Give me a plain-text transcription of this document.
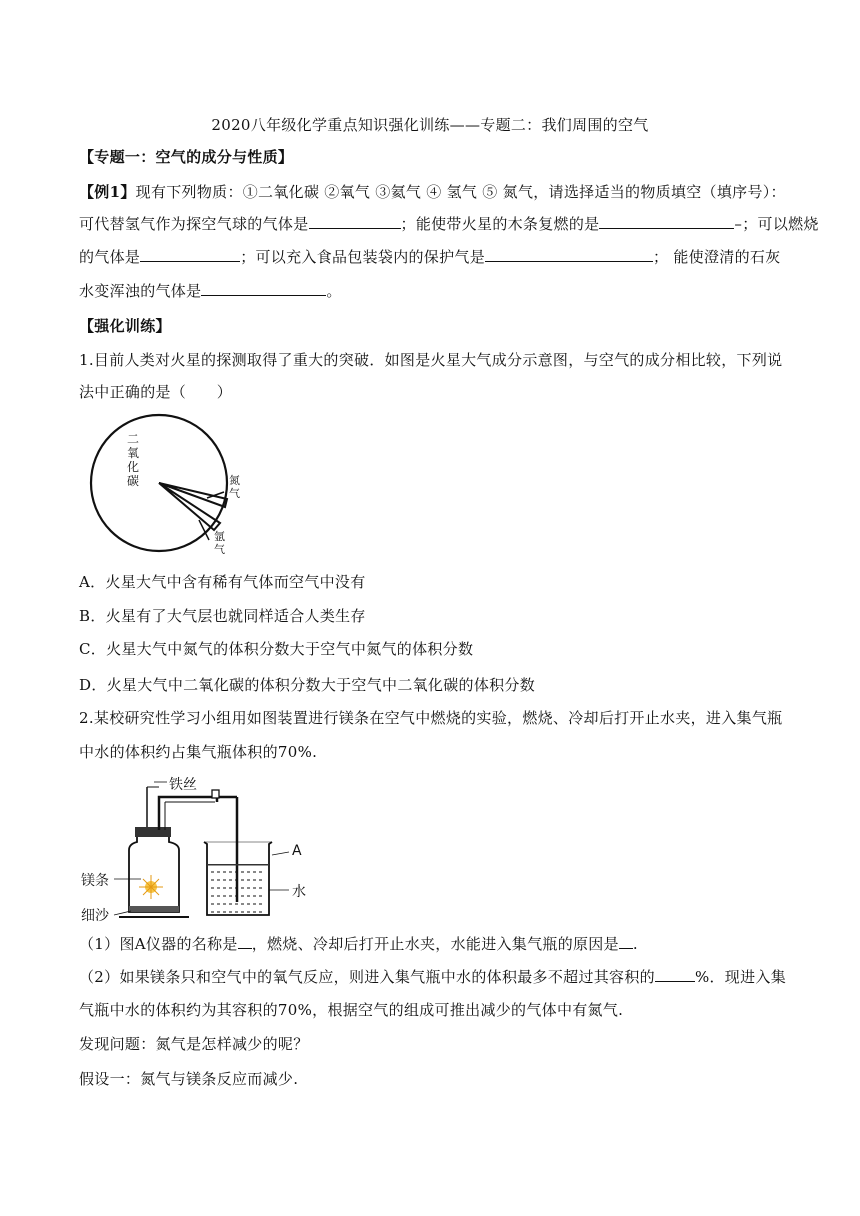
2020八年级化学重点知识强化训练——专题二：我们周围的空气
【专题一：空气的成分与性质】
【例1】现有下列物质：①二氧化碳 ②氧气 ③氦气 ④ 氢气 ⑤ 氮气，请选择适当的物质填空（填序号）：
可代替氢气作为探空气球的气体是	；能使带火星的木条复燃的是	–；可以燃烧
的气体是	；可以充入食品包装袋内的保护气是	； 能使澄清的石灰
水变浑浊的气体是	。
【强化训练】
1.目前人类对火星的探测取得了重大的突破．如图是火星大气成分示意图，与空气的成分相比较，下列说
法中正确的是（　　）
二氧化碳	氮气
氩气
A．火星大气中含有稀有气体而空气中没有
B．火星有了大气层也就同样适合人类生存
C．火星大气中氮气的体积分数大于空气中氮气的体积分数
D．火星大气中二氧化碳的体积分数大于空气中二氧化碳的体积分数
2.某校研究性学习小组用如图装置进行镁条在空气中燃烧的实验，燃烧、冷却后打开止水夹，进入集气瓶
中水的体积约占集气瓶体积的70%.
铁丝
镁条
细沙
A
水
（1）图A仪器的名称是 ，燃烧、冷却后打开止水夹，水能进入集气瓶的原因是 .
（2）如果镁条只和空气中的氧气反应，则进入集气瓶中水的体积最多不超过其容积的	%．现进入集
气瓶中水的体积约为其容积的70%，根据空气的组成可推出减少的气体中有氮气.
发现问题：氮气是怎样减少的呢？
假设一：氮气与镁条反应而减少.
